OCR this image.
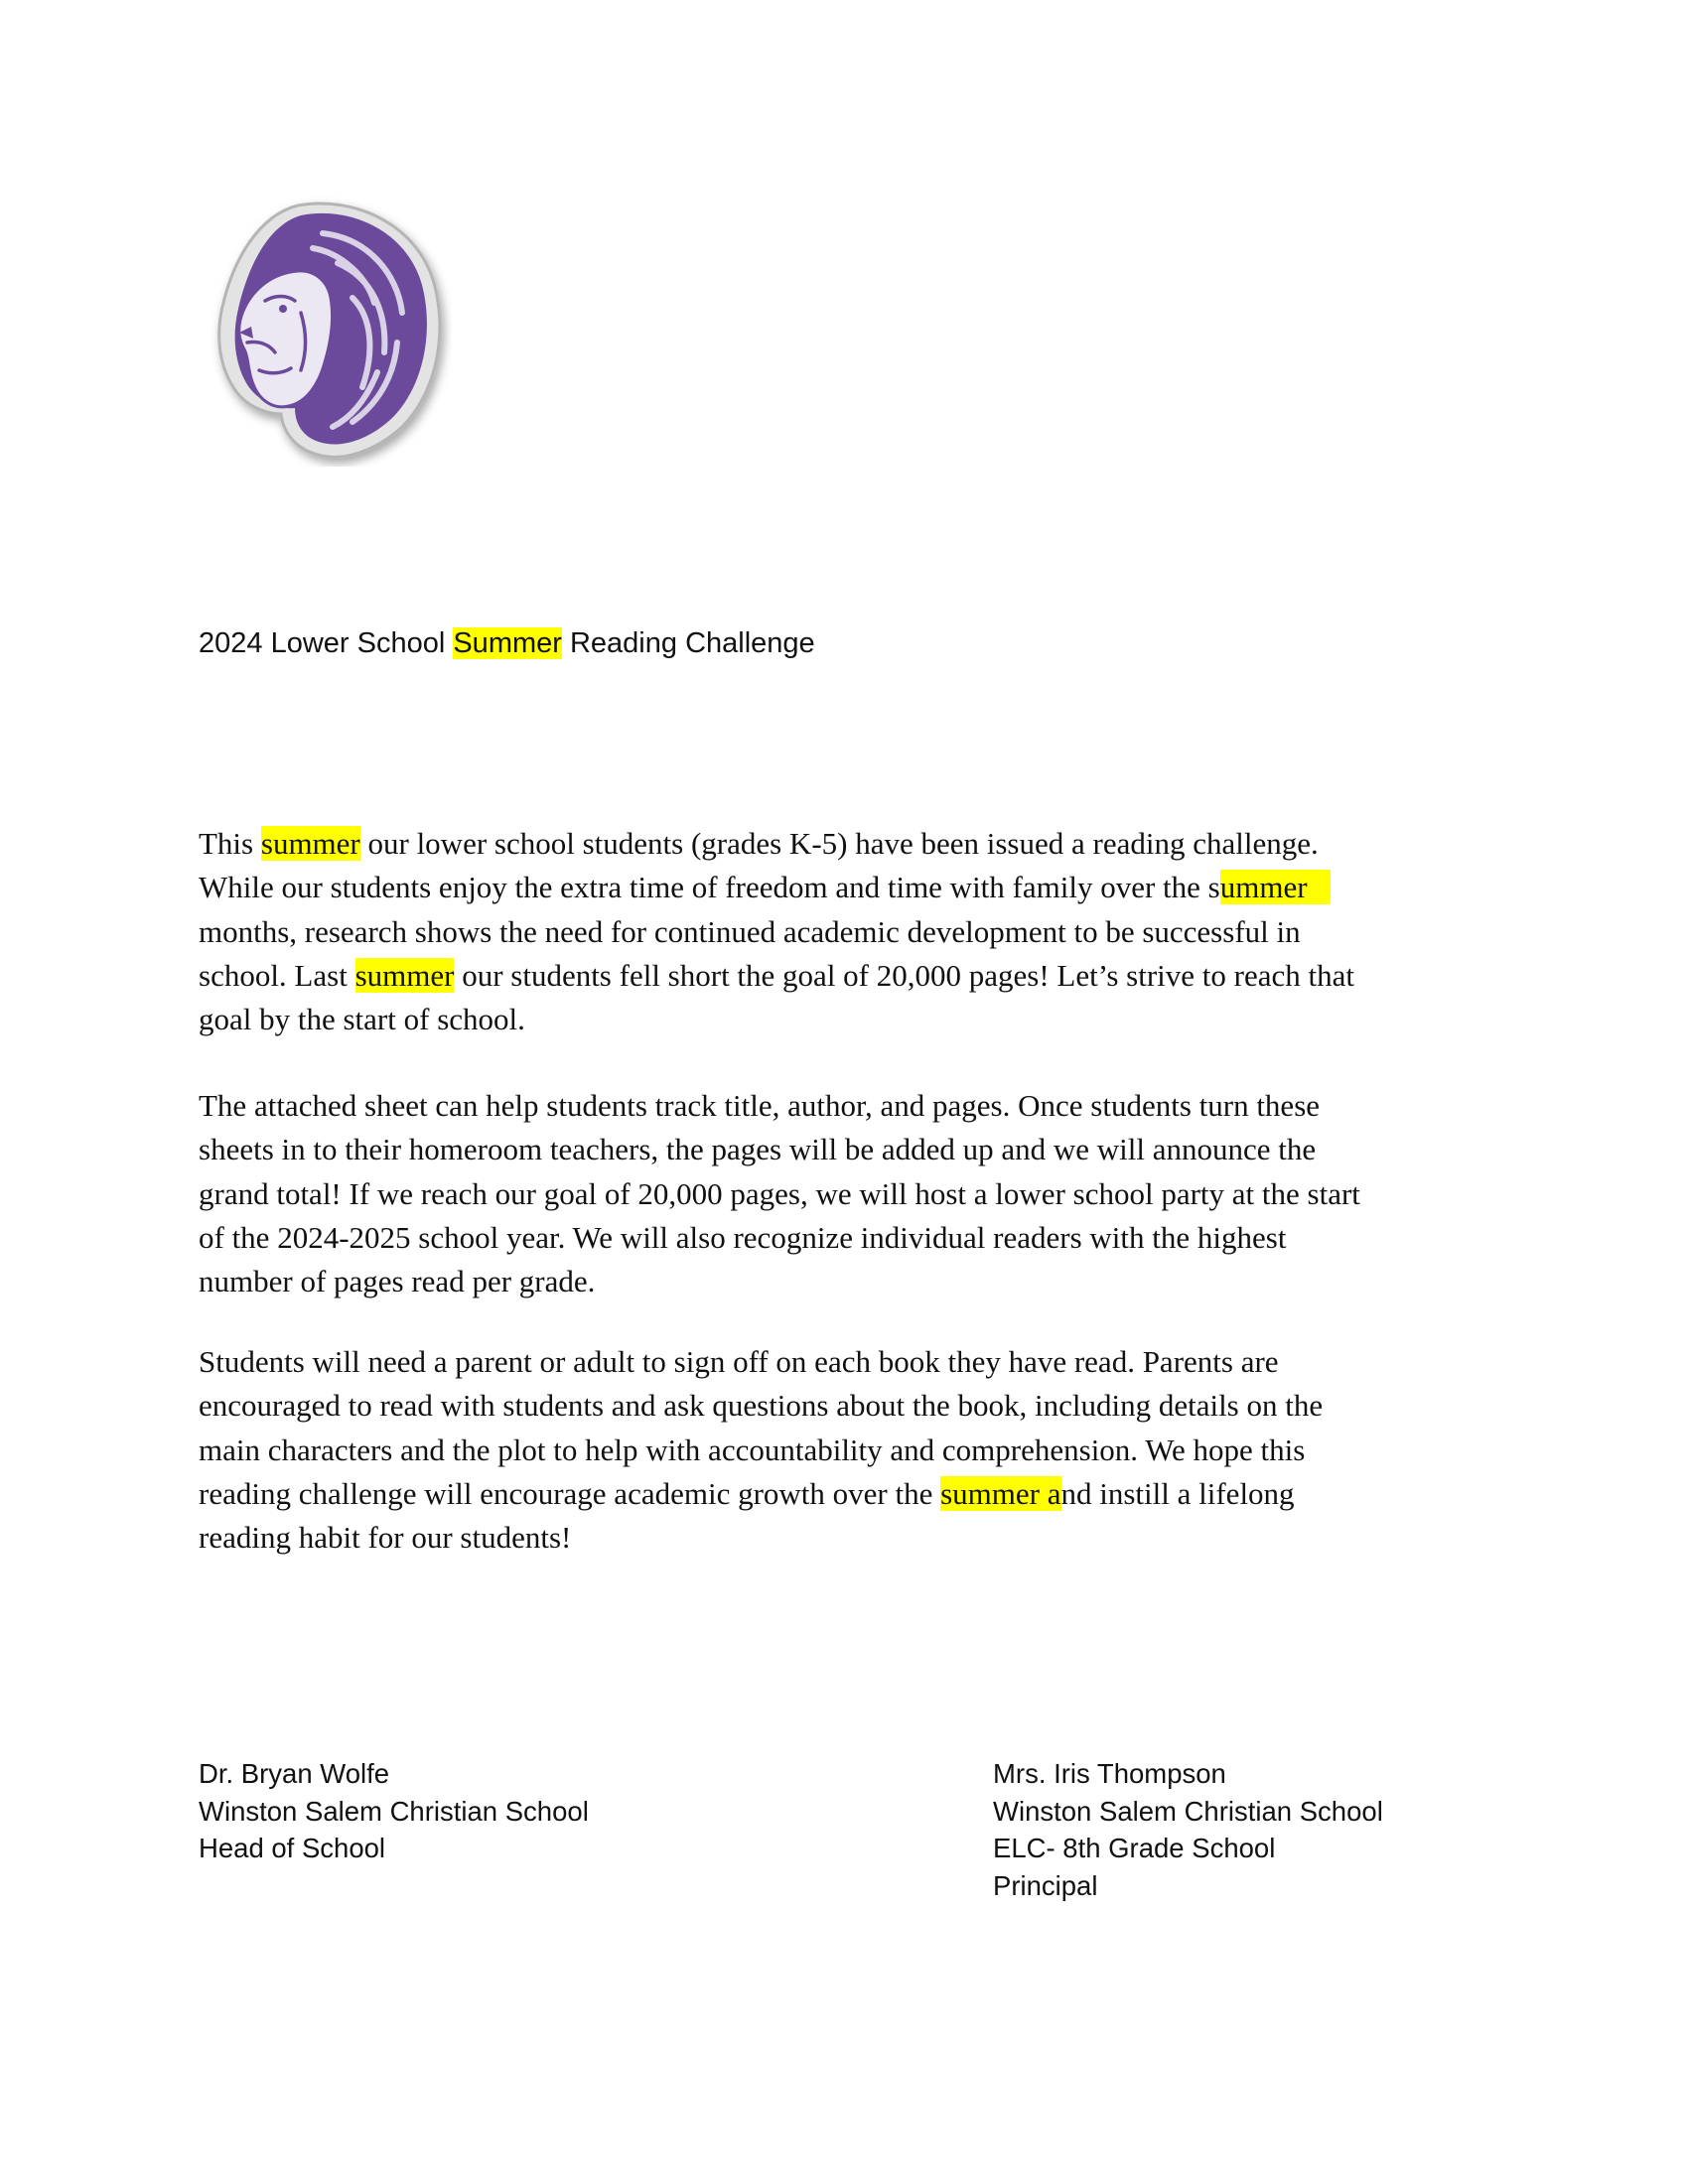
2024 Lower School Summer Reading Challenge
This summer our lower school students (grades K-5) have been issued a reading challenge.
While our students enjoy the extra time of freedom and time with family over the summer
months, research shows the need for continued academic development to be successful in
school. Last summer our students fell short the goal of 20,000 pages! Let’s strive to reach that
goal by the start of school.
The attached sheet can help students track title, author, and pages. Once students turn these
sheets in to their homeroom teachers, the pages will be added up and we will announce the
grand total! If we reach our goal of 20,000 pages, we will host a lower school party at the start
of the 2024-2025 school year. We will also recognize individual readers with the highest
number of pages read per grade.
Students will need a parent or adult to sign off on each book they have read. Parents are
encouraged to read with students and ask questions about the book, including details on the
main characters and the plot to help with accountability and comprehension. We hope this
reading challenge will encourage academic growth over the summer and instill a lifelong
reading habit for our students!
Dr. Bryan Wolfe
Winston Salem Christian School
Head of School
Mrs. Iris Thompson
Winston Salem Christian School
ELC- 8th Grade School
Principal
